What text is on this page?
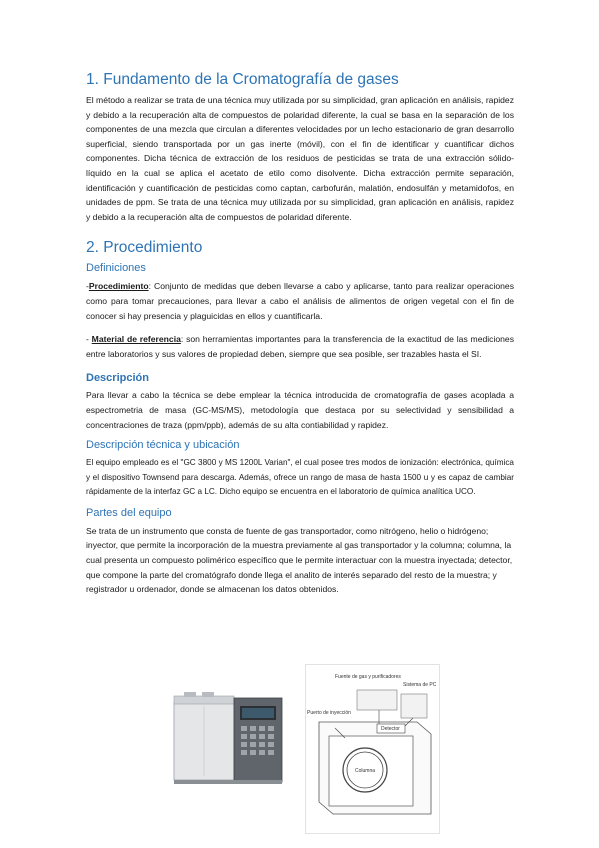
1. Fundamento de la Cromatografía de gases

El método a realizar se trata de una técnica muy utilizada por su simplicidad, gran aplicación en análisis, rapidez y debido a la recuperación alta de compuestos de polaridad diferente, la cual se basa en la separación de los componentes de una mezcla que circulan a diferentes velocidades por un lecho estacionario de gran desarrollo superficial, siendo transportada por un gas inerte (móvil), con el fin de identificar y cuantificar dichos componentes. Dicha técnica de extracción de los residuos de pesticidas se trata de una extracción sólido-líquido en la cual se aplica el acetato de etilo como disolvente. Dicha extracción permite separación, identificación y cuantificación de pesticidas como captan, carbofurán, malatión, endosulfán y metamidofos, en unidades de ppm. Se trata de una técnica muy utilizada por su simplicidad, gran aplicación en análisis, rapidez y debido a la recuperación alta de compuestos de polaridad diferente.

2. Procedimiento
Definiciones

-Procedimiento: Conjunto de medidas que deben llevarse a cabo y aplicarse, tanto para realizar operaciones como para tomar precauciones, para llevar a cabo el análisis de alimentos de origen vegetal con el fin de conocer si hay presencia y plaguicidas en ellos y cuantificarla.

- Material de referencia: son herramientas importantes para la transferencia de la exactitud de las mediciones entre laboratorios y sus valores de propiedad deben, siempre que sea posible, ser trazables hasta el SI.

Descripción

Para llevar a cabo la técnica se debe emplear la técnica introducida de cromatografía de gases acoplada a espectrometria de masa (GC-MS/MS), metodología que destaca por su selectividad y sensibilidad a concentraciones de traza (ppm/ppb), además de su alta contiabilidad y rapidez.

Descripción técnica y ubicación

El equipo empleado es el "GC 3800 y MS 1200L Varian", el cual posee tres modos de ionización: electrónica, química y el dispositivo Townsend para descarga. Además, ofrece un rango de masa de hasta 1500 u y es capaz de cambiar rápidamente de la interfaz GC a LC. Dicho equipo se encuentra en el laboratorio de química analítica UCO.

Partes del equipo

Se trata de un instrumento que consta de fuente de gas transportador, como nitrógeno, helio o hidrógeno; inyector, que permite la incorporación de la muestra previamente al gas transportador y la columna; columna, la cual presenta un compuesto polimérico específico que le permite interactuar con la muestra inyectada; detector, que compone la parte del cromatógrafo donde llega el analito de interés separado del resto de la muestra; y registrador u ordenador, donde se almacenan los datos obtenidos.

Fuente de gas y purificadores
Sistema de PC
Puerto de inyección
Detector
Columna
